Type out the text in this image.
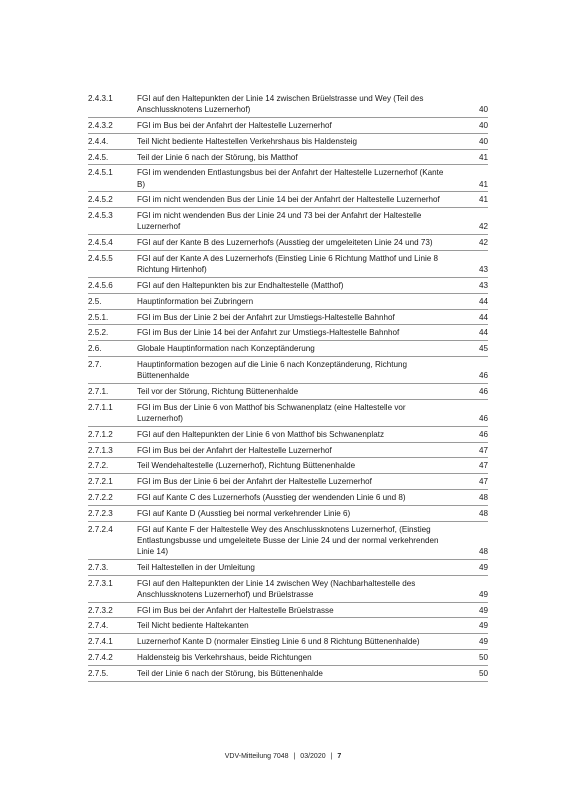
2.4.3.1	FGI auf den Haltepunkten der Linie 14 zwischen Brüelstrasse und Wey (Teil des Anschlussknotens Luzernerhof)	40
2.4.3.2	FGI im Bus bei der Anfahrt der Haltestelle Luzernerhof	40
2.4.4.	Teil Nicht bediente Haltestellen Verkehrshaus bis Haldensteig	40
2.4.5.	Teil der Linie 6 nach der Störung, bis Matthof	41
2.4.5.1	FGI im wendenden Entlastungsbus bei der Anfahrt der Haltestelle Luzernerhof (Kante B)	41
2.4.5.2	FGI im nicht wendenden Bus der Linie 14 bei der Anfahrt der Haltestelle Luzernerhof	41
2.4.5.3	FGI im nicht wendenden Bus der Linie 24 und 73 bei der Anfahrt der Haltestelle Luzernerhof	42
2.4.5.4	FGI auf der Kante B des Luzernerhofs (Ausstieg der umgeleiteten Linie 24 und 73)	42
2.4.5.5	FGI auf der Kante A des Luzernerhofs (Einstieg Linie 6 Richtung Matthof und Linie 8 Richtung Hirtenhof)	43
2.4.5.6	FGI auf den Haltepunkten bis zur Endhaltestelle (Matthof)	43
2.5.	Hauptinformation bei Zubringern	44
2.5.1.	FGI im Bus der Linie 2 bei der Anfahrt zur Umstiegs-Haltestelle Bahnhof	44
2.5.2.	FGI im Bus der Linie 14 bei der Anfahrt zur Umstiegs-Haltestelle Bahnhof	44
2.6.	Globale Hauptinformation nach Konzeptänderung	45
2.7.	Hauptinformation bezogen auf die Linie 6 nach Konzeptänderung, Richtung Büttenenhalde	46
2.7.1.	Teil vor der Störung, Richtung Büttenenhalde	46
2.7.1.1	FGI im Bus der Linie 6 von Matthof bis Schwanenplatz (eine Haltestelle vor Luzernerhof)	46
2.7.1.2	FGI auf den Haltepunkten der Linie 6 von Matthof bis Schwanenplatz	46
2.7.1.3	FGI im Bus bei der Anfahrt der Haltestelle Luzernerhof	47
2.7.2.	Teil Wendehaltestelle (Luzernerhof), Richtung Büttenenhalde	47
2.7.2.1	FGI im Bus der Linie 6 bei der Anfahrt der Haltestelle Luzernerhof	47
2.7.2.2	FGI auf Kante C des Luzernerhofs (Ausstieg der wendenden Linie 6 und 8)	48
2.7.2.3	FGI auf Kante D (Ausstieg bei normal verkehrender Linie 6)	48
2.7.2.4	FGI auf Kante F der Haltestelle Wey des Anschlussknotens Luzernerhof, (Einstieg Entlastungsbusse und umgeleitete Busse der Linie 24 und der normal verkehrenden Linie 14)	48
2.7.3.	Teil Haltestellen in der Umleitung	49
2.7.3.1	FGI auf den Haltepunkten der Linie 14 zwischen Wey (Nachbarhaltestelle des Anschlussknotens Luzernerhof) und Brüelstrasse	49
2.7.3.2	FGI im Bus bei der Anfahrt der Haltestelle Brüelstrasse	49
2.7.4.	Teil Nicht bediente Haltekanten	49
2.7.4.1	Luzernerhof Kante D (normaler Einstieg Linie 6 und 8 Richtung Büttenenhalde)	49
2.7.4.2	Haldensteig bis Verkehrshaus, beide Richtungen	50
2.7.5.	Teil der Linie 6 nach der Störung, bis Büttenenhalde	50
VDV-Mitteilung 7048 | 03/2020 | 7
